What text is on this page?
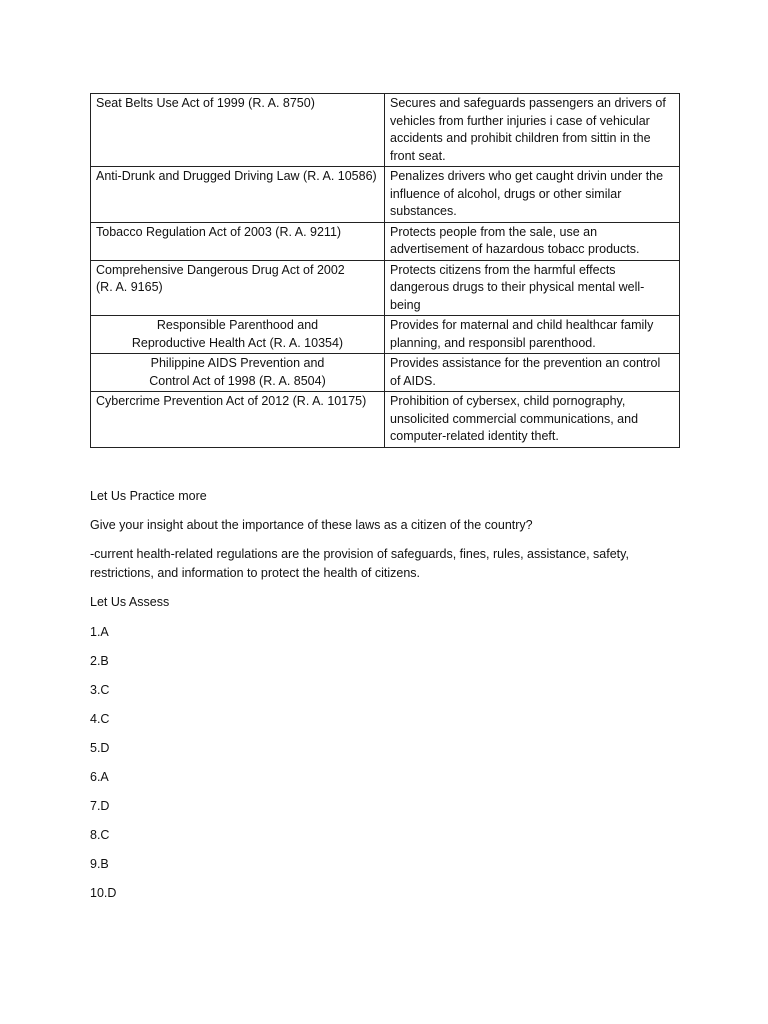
Seat Belts Use Act of 1999 (R. A. 8750)	Secures and safeguards passengers an drivers of vehicles from further injuries i case of vehicular accidents and prohibit children from sittin in the front seat.
Anti-Drunk and Drugged Driving Law (R. A. 10586)	Penalizes drivers who get caught drivin under the influence of alcohol, drugs or other similar substances.
Tobacco Regulation Act of 2003 (R. A. 9211)	Protects people from the sale, use an advertisement of hazardous tobacc products.

Comprehensive Dangerous Drug Act of 2002
(R. A. 9165)	Protects citizens from the harmful effects dangerous drugs to their physical mental well-being

Responsible Parenthood and
Reproductive Health Act (R. A. 10354)	Provides for maternal and child healthcar family planning, and responsibl parenthood.

Philippine AIDS Prevention and
Control Act of 1998 (R. A. 8504)	Provides assistance for the prevention an control of AIDS.
Cybercrime Prevention Act of 2012 (R. A. 10175)	Prohibition of cybersex, child pornography, unsolicited commercial communications, and computer-related identity theft.
Let Us Practice more
Give your insight about the importance of these laws as a citizen of the country?
-current health-related regulations are the provision of safeguards, fines, rules, assistance, safety, restrictions, and information to protect the health of citizens.
Let Us Assess
1.A
2.B
3.C
4.C
5.D
6.A
7.D
8.C
9.B
10.D
